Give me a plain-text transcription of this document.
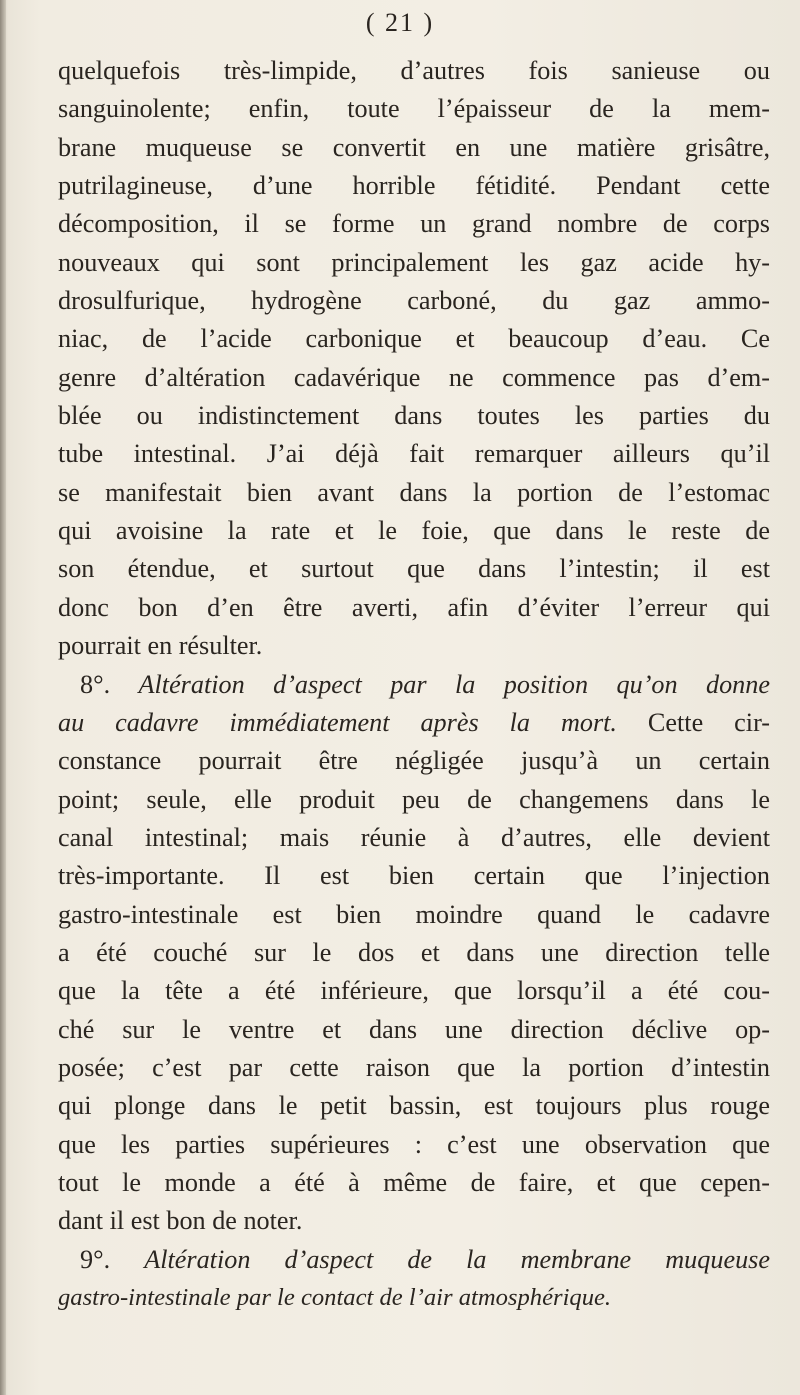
( 21 )
quelquefois très-limpide, d’autres fois sanieuse ou
sanguinolente; enfin, toute l’épaisseur de la mem-
brane muqueuse se convertit en une matière grisâtre,
putrilagineuse, d’une horrible fétidité. Pendant cette
décomposition, il se forme un grand nombre de corps
nouveaux qui sont principalement les gaz acide hy-
drosulfurique, hydrogène carboné, du gaz ammo-
niac, de l’acide carbonique et beaucoup d’eau. Ce
genre d’altération cadavérique ne commence pas d’em-
blée ou indistinctement dans toutes les parties du
tube intestinal. J’ai déjà fait remarquer ailleurs qu’il
se manifestait bien avant dans la portion de l’estomac
qui avoisine la rate et le foie, que dans le reste de
son étendue, et surtout que dans l’intestin; il est
donc bon d’en être averti, afin d’éviter l’erreur qui
pourrait en résulter.
8°. Altération d’aspect par la position qu’on donne
au cadavre immédiatement après la mort. Cette cir-
constance pourrait être négligée jusqu’à un certain
point; seule, elle produit peu de changemens dans le
canal intestinal; mais réunie à d’autres, elle devient
très-importante. Il est bien certain que l’injection
gastro-intestinale est bien moindre quand le cadavre
a été couché sur le dos et dans une direction telle
que la tête a été inférieure, que lorsqu’il a été cou-
ché sur le ventre et dans une direction déclive op-
posée; c’est par cette raison que la portion d’intestin
qui plonge dans le petit bassin, est toujours plus rouge
que les parties supérieures : c’est une observation que
tout le monde a été à même de faire, et que cepen-
dant il est bon de noter.
9°. Altération d’aspect de la membrane muqueuse
gastro-intestinale par le contact de l’air atmosphérique.
